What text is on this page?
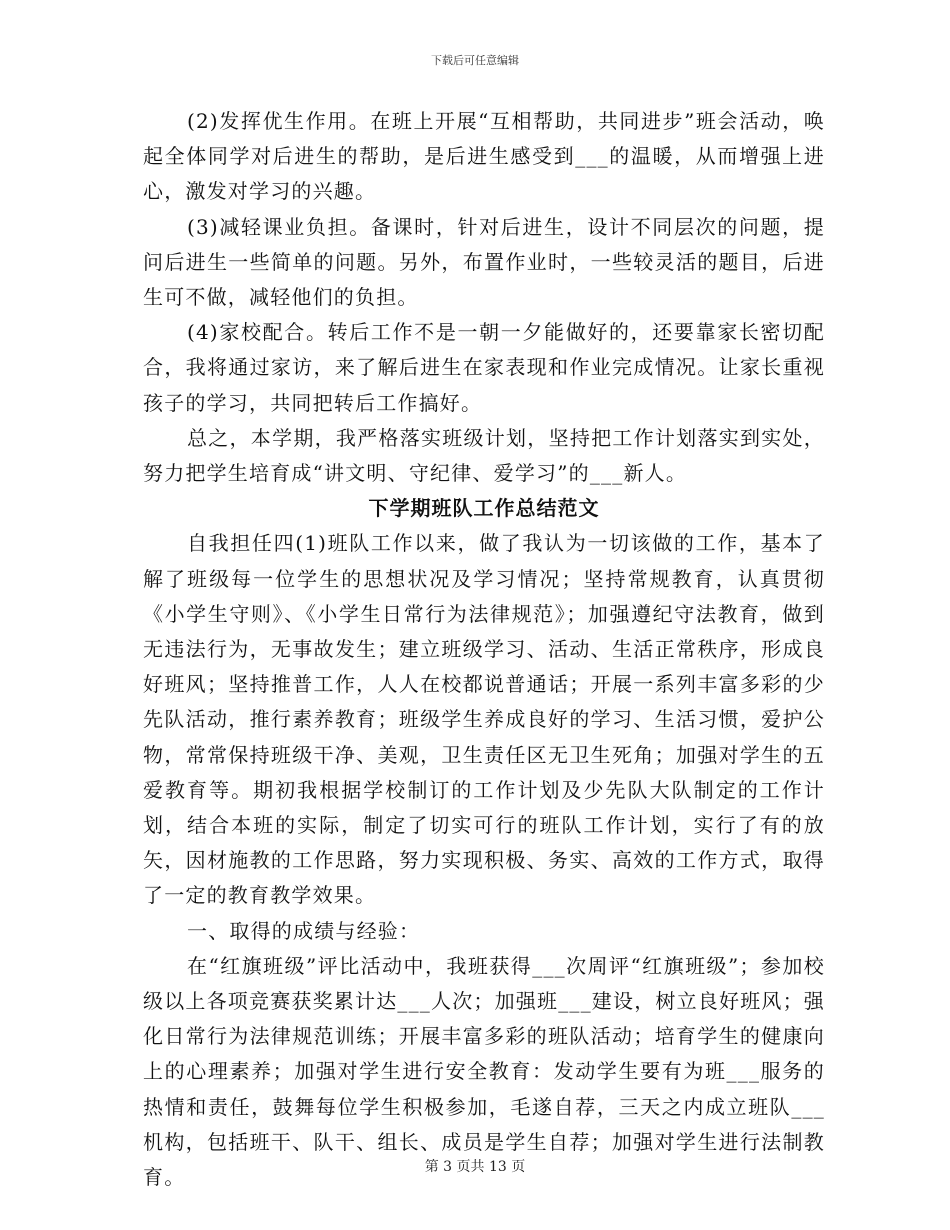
下载后可任意编辑

(2)发挥优生作用。在班上开展“互相帮助，共同进步”班会活动，唤起全体同学对后进生的帮助，是后进生感受到___的温暖，从而增强上进心，激发对学习的兴趣。

(3)减轻课业负担。备课时，针对后进生，设计不同层次的问题，提问后进生一些简单的问题。另外，布置作业时，一些较灵活的题目，后进生可不做，减轻他们的负担。

(4)家校配合。转后工作不是一朝一夕能做好的，还要靠家长密切配合，我将通过家访，来了解后进生在家表现和作业完成情况。让家长重视孩子的学习，共同把转后工作搞好。

总之，本学期，我严格落实班级计划，坚持把工作计划落实到实处，努力把学生培育成“讲文明、守纪律、爱学习”的___新人。

下学期班队工作总结范文

自我担任四(1)班队工作以来，做了我认为一切该做的工作，基本了解了班级每一位学生的思想状况及学习情况；坚持常规教育，认真贯彻《小学生守则》、《小学生日常行为法律规范》；加强遵纪守法教育，做到无违法行为，无事故发生；建立班级学习、活动、生活正常秩序，形成良好班风；坚持推普工作，人人在校都说普通话；开展一系列丰富多彩的少先队活动，推行素养教育；班级学生养成良好的学习、生活习惯，爱护公物，常常保持班级干净、美观，卫生责任区无卫生死角；加强对学生的五爱教育等。期初我根据学校制订的工作计划及少先队大队制定的工作计划，结合本班的实际，制定了切实可行的班队工作计划，实行了有的放矢，因材施教的工作思路，努力实现积极、务实、高效的工作方式，取得了一定的教育教学效果。

一、取得的成绩与经验：

在“红旗班级”评比活动中，我班获得___次周评“红旗班级”；参加校级以上各项竞赛获奖累计达___人次；加强班___建设，树立良好班风；强化日常行为法律规范训练；开展丰富多彩的班队活动；培育学生的健康向上的心理素养；加强对学生进行安全教育：发动学生要有为班___服务的热情和责任，鼓舞每位学生积极参加，毛遂自荐，三天之内成立班队___机构，包括班干、队干、组长、成员是学生自荐；加强对学生进行法制教育。	第 3 页共 13 页
